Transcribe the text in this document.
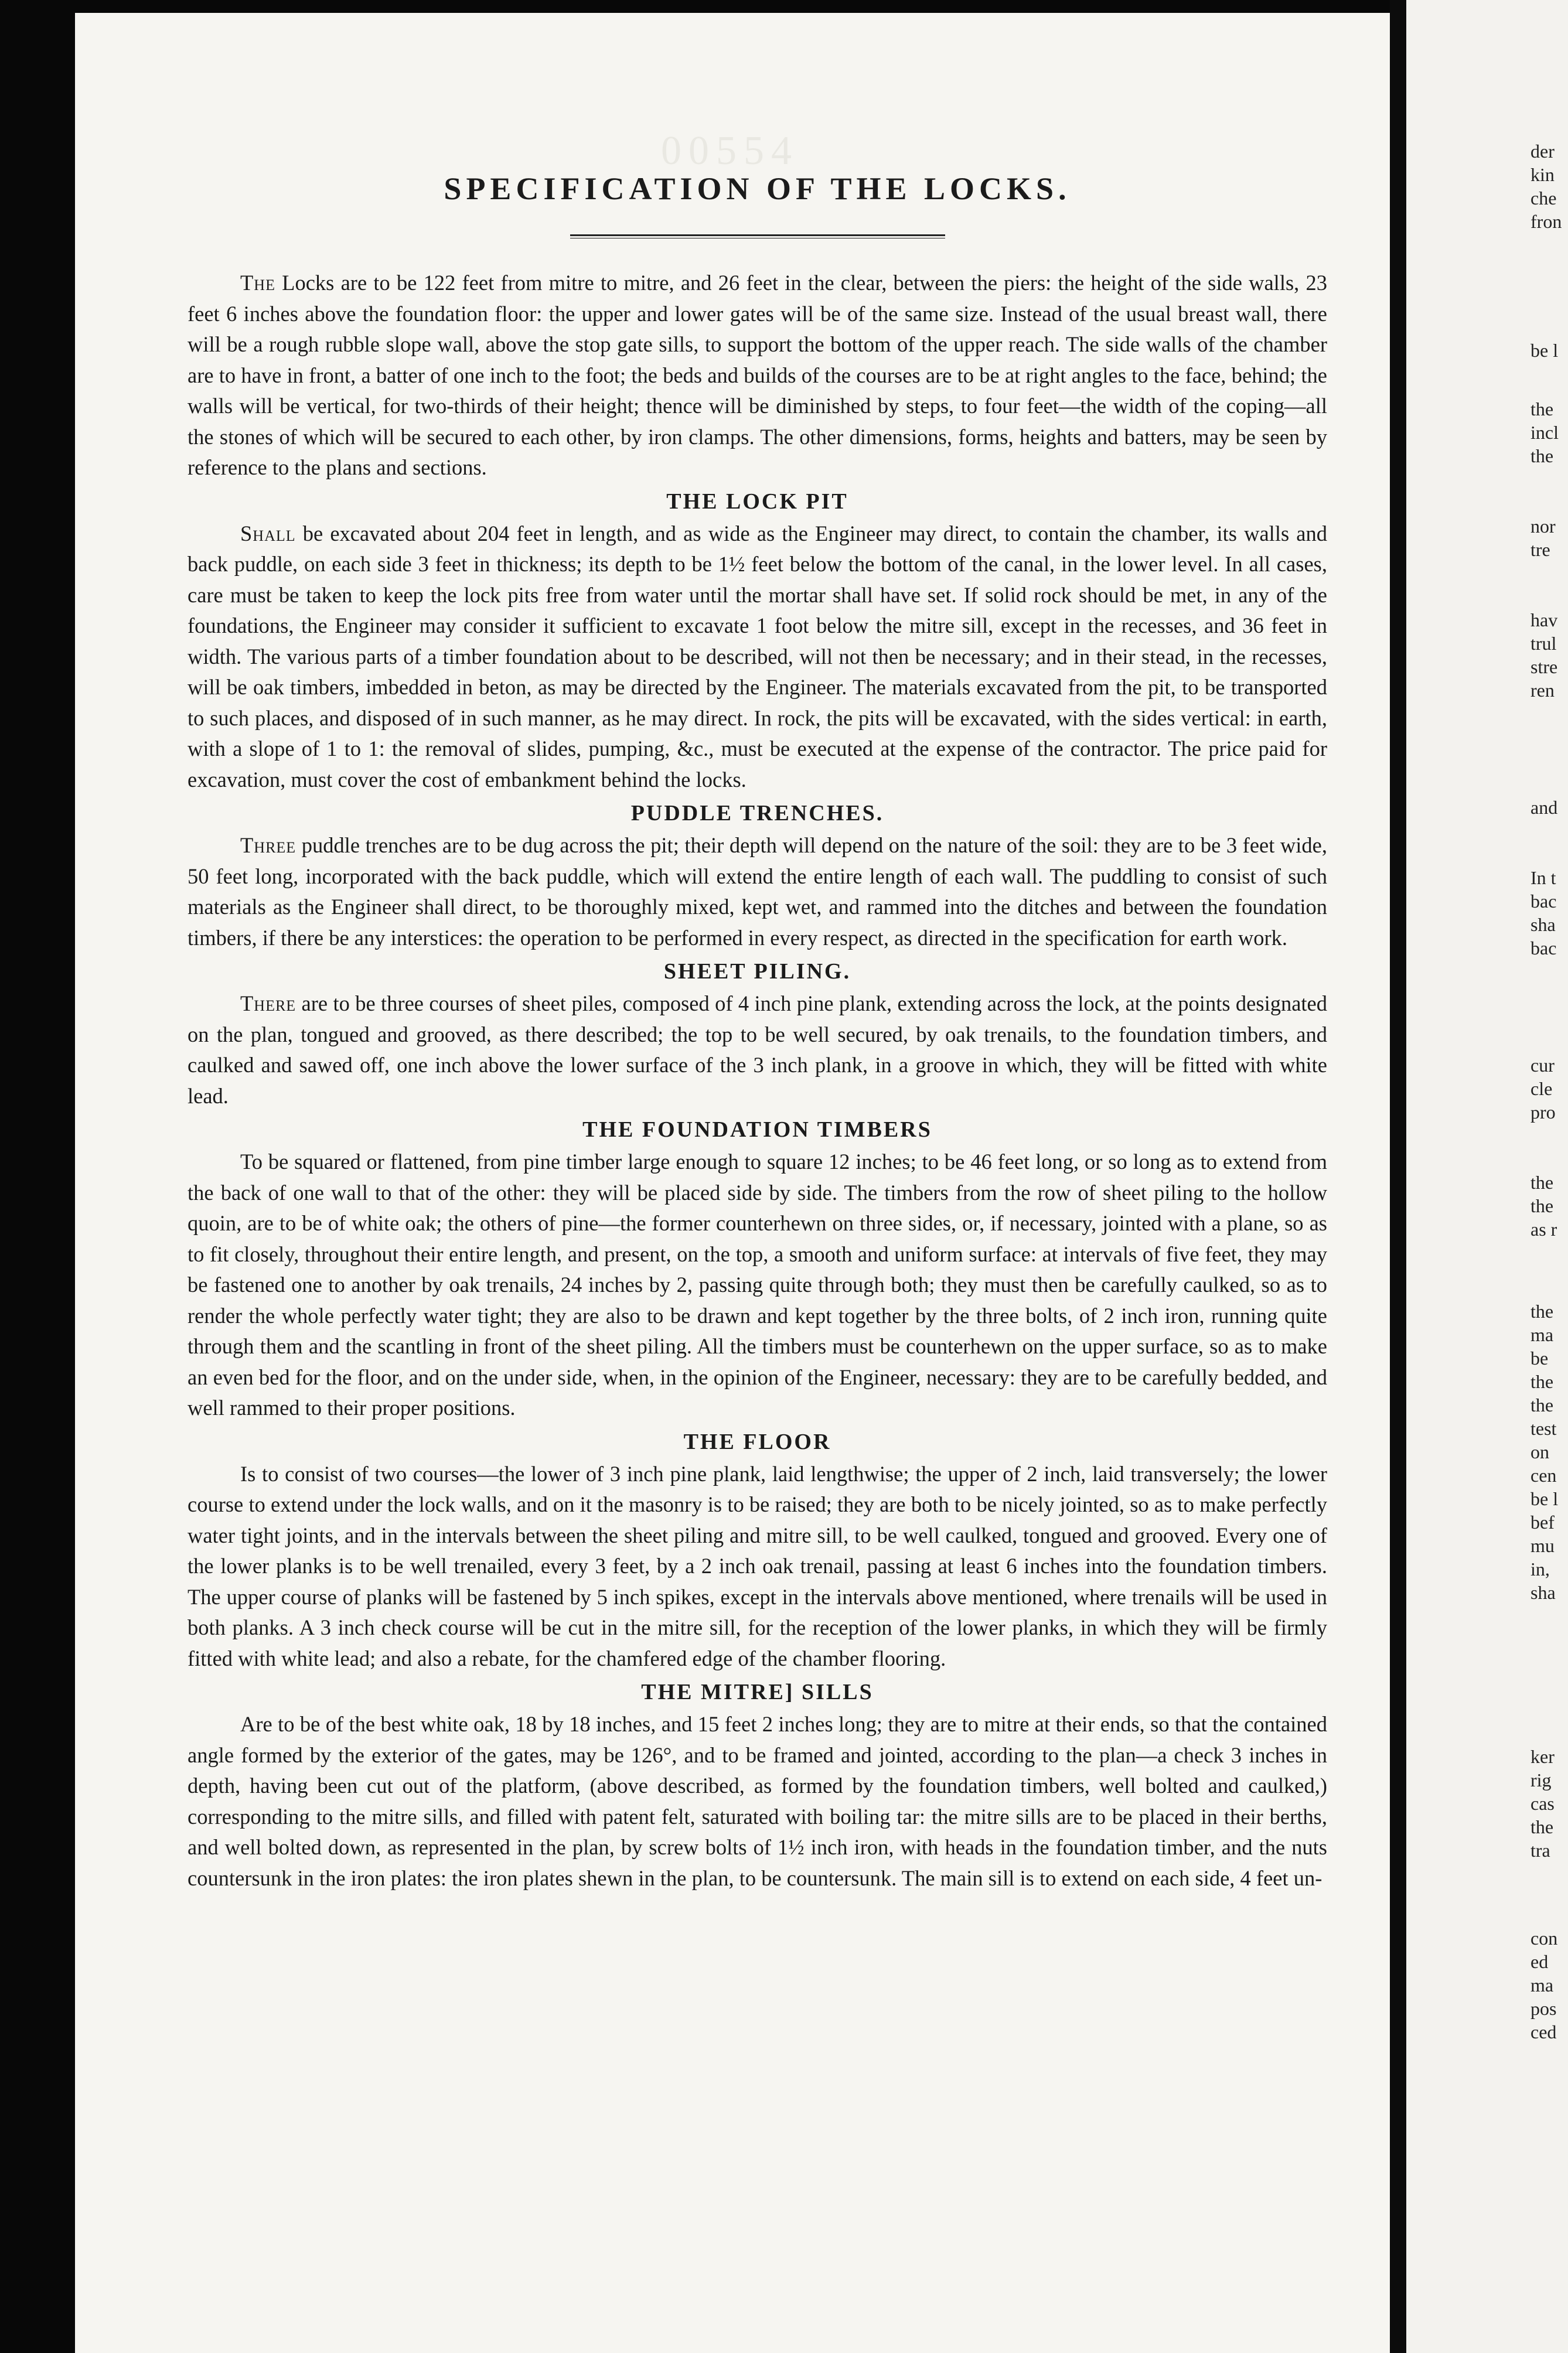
00554
SPECIFICATION OF THE LOCKS.

The Locks are to be 122 feet from mitre to mitre, and 26 feet in the clear, between the piers: the height of the side walls, 23 feet 6 inches above the foundation floor: the upper and lower gates will be of the same size. Instead of the usual breast wall, there will be a rough rubble slope wall, above the stop gate sills, to support the bottom of the upper reach. The side walls of the chamber are to have in front, a batter of one inch to the foot; the beds and builds of the courses are to be at right angles to the face, behind; the walls will be vertical, for two-thirds of their height; thence will be diminished by steps, to four feet—the width of the coping—all the stones of which will be secured to each other, by iron clamps. The other dimensions, forms, heights and batters, may be seen by reference to the plans and sections.

THE LOCK PIT

Shall be excavated about 204 feet in length, and as wide as the Engineer may direct, to contain the chamber, its walls and back puddle, on each side 3 feet in thickness; its depth to be 1½ feet below the bottom of the canal, in the lower level. In all cases, care must be taken to keep the lock pits free from water until the mortar shall have set. If solid rock should be met, in any of the foundations, the Engineer may consider it sufficient to excavate 1 foot below the mitre sill, except in the recesses, and 36 feet in width. The various parts of a timber foundation about to be described, will not then be necessary; and in their stead, in the recesses, will be oak timbers, imbedded in beton, as may be directed by the Engineer. The materials excavated from the pit, to be transported to such places, and disposed of in such manner, as he may direct. In rock, the pits will be excavated, with the sides vertical: in earth, with a slope of 1 to 1: the removal of slides, pumping, &c., must be executed at the expense of the contractor. The price paid for excavation, must cover the cost of embankment behind the locks.

PUDDLE TRENCHES.

Three puddle trenches are to be dug across the pit; their depth will depend on the nature of the soil: they are to be 3 feet wide, 50 feet long, incorporated with the back puddle, which will extend the entire length of each wall. The puddling to consist of such materials as the Engineer shall direct, to be thoroughly mixed, kept wet, and rammed into the ditches and between the foundation timbers, if there be any interstices: the operation to be performed in every respect, as directed in the specification for earth work.

SHEET PILING.

There are to be three courses of sheet piles, composed of 4 inch pine plank, extending across the lock, at the points designated on the plan, tongued and grooved, as there described; the top to be well secured, by oak trenails, to the foundation timbers, and caulked and sawed off, one inch above the lower surface of the 3 inch plank, in a groove in which, they will be fitted with white lead.

THE FOUNDATION TIMBERS

To be squared or flattened, from pine timber large enough to square 12 inches; to be 46 feet long, or so long as to extend from the back of one wall to that of the other: they will be placed side by side. The timbers from the row of sheet piling to the hollow quoin, are to be of white oak; the others of pine—the former counterhewn on three sides, or, if necessary, jointed with a plane, so as to fit closely, throughout their entire length, and present, on the top, a smooth and uniform surface: at intervals of five feet, they may be fastened one to another by oak trenails, 24 inches by 2, passing quite through both; they must then be carefully caulked, so as to render the whole perfectly water tight; they are also to be drawn and kept together by the three bolts, of 2 inch iron, running quite through them and the scantling in front of the sheet piling. All the timbers must be counterhewn on the upper surface, so as to make an even bed for the floor, and on the under side, when, in the opinion of the Engineer, necessary: they are to be carefully bedded, and well rammed to their proper positions.

THE FLOOR

Is to consist of two courses—the lower of 3 inch pine plank, laid lengthwise; the upper of 2 inch, laid transversely; the lower course to extend under the lock walls, and on it the masonry is to be raised; they are both to be nicely jointed, so as to make perfectly water tight joints, and in the intervals between the sheet piling and mitre sill, to be well caulked, tongued and grooved. Every one of the lower planks is to be well trenailed, every 3 feet, by a 2 inch oak trenail, passing at least 6 inches into the foundation timbers. The upper course of planks will be fastened by 5 inch spikes, except in the intervals above mentioned, where trenails will be used in both planks. A 3 inch check course will be cut in the mitre sill, for the reception of the lower planks, in which they will be firmly fitted with white lead; and also a rebate, for the chamfered edge of the chamber flooring.

THE MITRE] SILLS

Are to be of the best white oak, 18 by 18 inches, and 15 feet 2 inches long; they are to mitre at their ends, so that the contained angle formed by the exterior of the gates, may be 126°, and to be framed and jointed, according to the plan—a check 3 inches in depth, having been cut out of the platform, (above described, as formed by the foundation timbers, well bolted and caulked,) corresponding to the mitre sills, and filled with patent felt, saturated with boiling tar: the mitre sills are to be placed in their berths, and well bolted down, as represented in the plan, by screw bolts of 1½ inch iron, with heads in the foundation timber, and the nuts countersunk in the iron plates: the iron plates shewn in the plan, to be countersunk. The main sill is to extend on each side, 4 feet un-

der
kin
che
fron
be l
the
incl
the
nor
tre
hav
trul
stre
ren
and
In t
bac
sha
bac
cur
cle
pro
the
the
as r
the
ma
be
the
the
test
on
cen
be l
bef
mu
in,
sha
ker
rig
cas
the
tra
con
ed
ma
pos
ced
